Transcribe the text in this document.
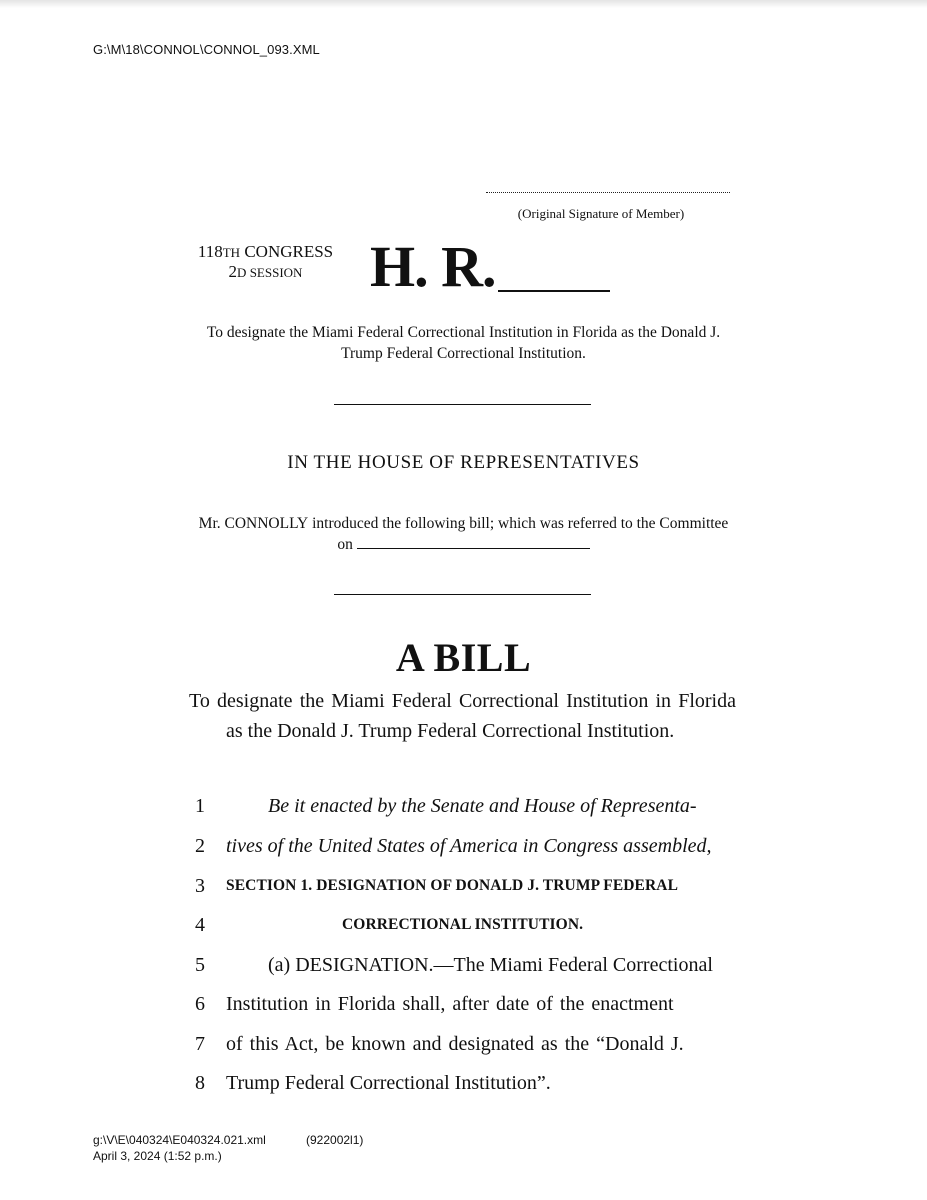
G:\M\18\CONNOL\CONNOL_093.XML
(Original Signature of Member)
118TH CONGRESS
2D SESSION	H. R.
To designate the Miami Federal Correctional Institution in Florida as the Donald J. Trump Federal Correctional Institution.
IN THE HOUSE OF REPRESENTATIVES
Mr. CONNOLLY introduced the following bill; which was referred to the Committee on
A BILL
To designate the Miami Federal Correctional Institution in Florida as the Donald J. Trump Federal Correctional Institution.
1	Be it enacted by the Senate and House of Representa-
2	tives of the United States of America in Congress assembled,
3	SECTION 1. DESIGNATION OF DONALD J. TRUMP FEDERAL
4	CORRECTIONAL INSTITUTION.
5	(a) DESIGNATION.—The Miami Federal Correctional
6	Institution in Florida shall, after date of the enactment
7	of this Act, be known and designated as the “Donald J.
8	Trump Federal Correctional Institution”.
g:\V\E\040324\E040324.021.xml	(922002l1)
April 3, 2024 (1:52 p.m.)
